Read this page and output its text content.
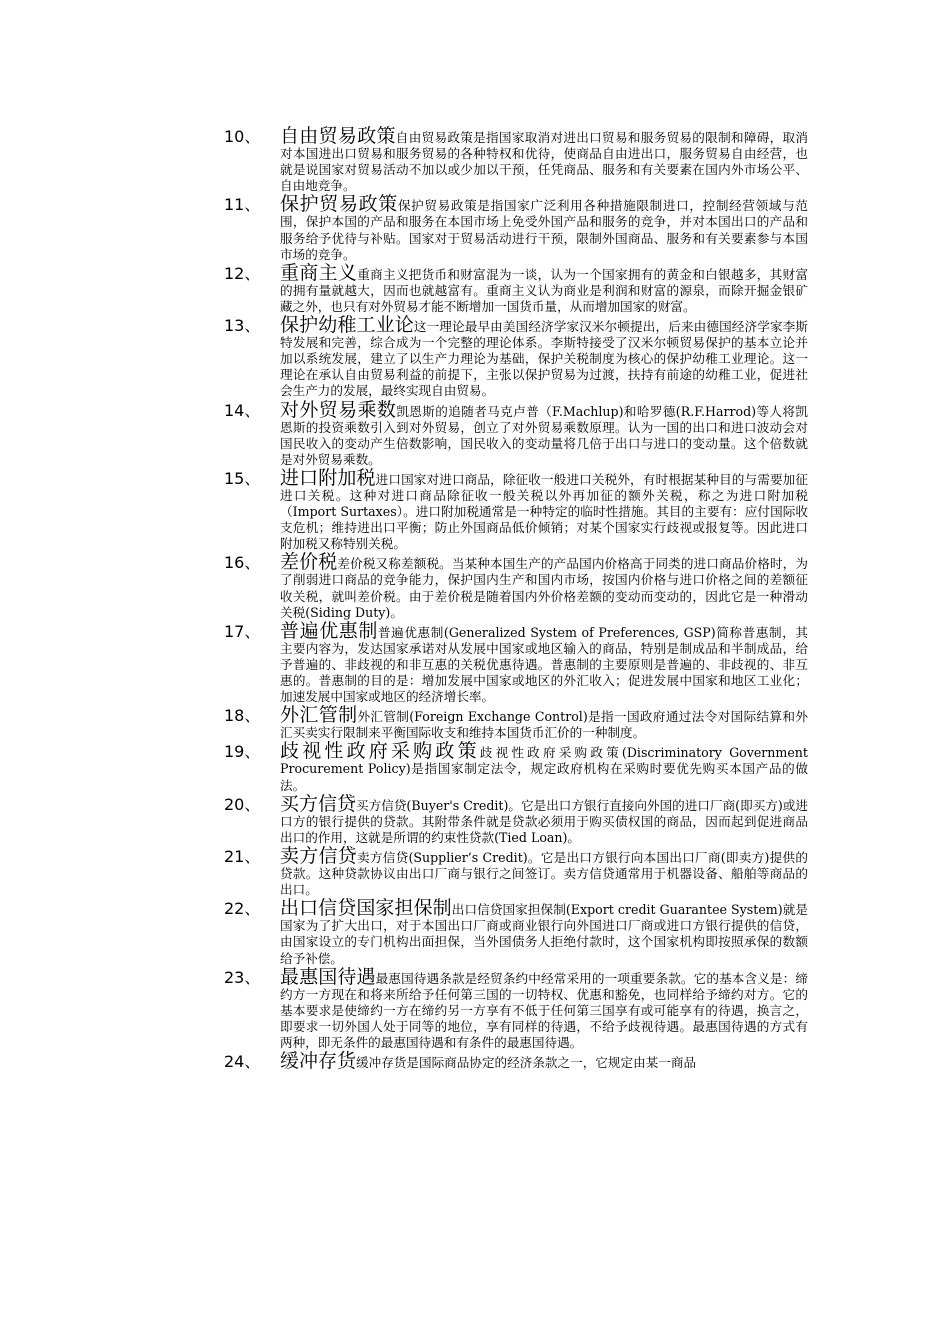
10、 自由贸易政策自由贸易政策是指国家取消对进出口贸易和服务贸易的限制和障碍，取消对本国进出口贸易和服务贸易的各种特权和优待，使商品自由进出口，服务贸易自由经营，也就是说国家对贸易活动不加以或少加以干预，任凭商品、服务和有关要素在国内外市场公平、自由地竞争。
11、 保护贸易政策保护贸易政策是指国家广泛利用各种措施限制进口，控制经营领域与范围，保护本国的产品和服务在本国市场上免受外国产品和服务的竞争，并对本国出口的产品和服务给予优待与补贴。国家对于贸易活动进行干预，限制外国商品、服务和有关要素参与本国市场的竞争。
12、 重商主义重商主义把货币和财富混为一谈，认为一个国家拥有的黄金和白银越多，其财富的拥有量就越大，因而也就越富有。重商主义认为商业是利润和财富的源泉，而除开掘金银矿藏之外，也只有对外贸易才能不断增加一国货币量，从而增加国家的财富。
13、 保护幼稚工业论这一理论最早由美国经济学家汉米尔顿提出，后来由德国经济学家李斯特发展和完善，综合成为一个完整的理论体系。李斯特接受了汉米尔顿贸易保护的基本立论并加以系统发展，建立了以生产力理论为基础，保护关税制度为核心的保护幼稚工业理论。这一理论在承认自由贸易利益的前提下，主张以保护贸易为过渡，扶持有前途的幼稚工业，促进社会生产力的发展，最终实现自由贸易。
14、 对外贸易乘数凯恩斯的追随者马克卢普（F.Machlup)和哈罗德(R.F.Harrod)等人将凯恩斯的投资乘数引入到对外贸易，创立了对外贸易乘数原理。认为一国的出口和进口波动会对国民收入的变动产生倍数影响，国民收入的变动量将几倍于出口与进口的变动量。这个倍数就是对外贸易乘数。
15、 进口附加税进口国家对进口商品，除征收一般进口关税外，有时根据某种目的与需要加征进口关税。这种对进口商品除征收一般关税以外再加征的额外关税，称之为进口附加税（Import Surtaxes）。进口附加税通常是一种特定的临时性措施。其目的主要有：应付国际收支危机；维持进出口平衡；防止外国商品低价倾销；对某个国家实行歧视或报复等。因此进口附加税又称特别关税。
16、 差价税差价税又称差额税。当某种本国生产的产品国内价格高于同类的进口商品价格时，为了削弱进口商品的竞争能力，保护国内生产和国内市场，按国内价格与进口价格之间的差额征收关税，就叫差价税。由于差价税是随着国内外价格差额的变动而变动的，因此它是一种滑动关税(Siding Duty)。
17、 普遍优惠制普遍优惠制(Generalized System of Preferences, GSP)简称普惠制，其主要内容为，发达国家承诺对从发展中国家或地区输入的商品，特别是制成品和半制成品，给予普遍的、非歧视的和非互惠的关税优惠待遇。普惠制的主要原则是普遍的、非歧视的、非互惠的。普惠制的目的是：增加发展中国家或地区的外汇收入；促进发展中国家和地区工业化；加速发展中国家或地区的经济增长率。
18、 外汇管制外汇管制(Foreign Exchange Control)是指一国政府通过法令对国际结算和外汇买卖实行限制来平衡国际收支和维持本国货币汇价的一种制度。
19、 歧视性政府采购政策歧视性政府采购政策(Discriminatory Government Procurement Policy)是指国家制定法令，规定政府机构在采购时要优先购买本国产品的做法。
20、 买方信贷买方信贷(Buyer's Credit)。它是出口方银行直接向外国的进口厂商(即买方)或进口方的银行提供的贷款。其附带条件就是贷款必须用于购买债权国的商品，因而起到促进商品出口的作用，这就是所谓的约束性贷款(Tied Loan)。
21、 卖方信贷卖方信贷(Supplier’s Credit)。它是出口方银行向本国出口厂商(即卖方)提供的贷款。这种贷款协议由出口厂商与银行之间签订。卖方信贷通常用于机器设备、船舶等商品的出口。
22、 出口信贷国家担保制出口信贷国家担保制(Export credit Guarantee System)就是国家为了扩大出口，对于本国出口厂商或商业银行向外国进口厂商或进口方银行提供的信贷，由国家设立的专门机构出面担保，当外国债务人拒绝付款时，这个国家机构即按照承保的数额给予补偿。
23、 最惠国待遇最惠国待遇条款是经贸条约中经常采用的一项重要条款。它的基本含义是：缔约方一方现在和将来所给予任何第三国的一切特权、优惠和豁免，也同样给予缔约对方。它的基本要求是使缔约一方在缔约另一方享有不低于任何第三国享有或可能享有的待遇，换言之，即要求一切外国人处于同等的地位，享有同样的待遇，不给予歧视待遇。最惠国待遇的方式有两种，即无条件的最惠国待遇和有条件的最惠国待遇。
24、 缓冲存货缓冲存货是国际商品协定的经济条款之一，它规定由某一商品
